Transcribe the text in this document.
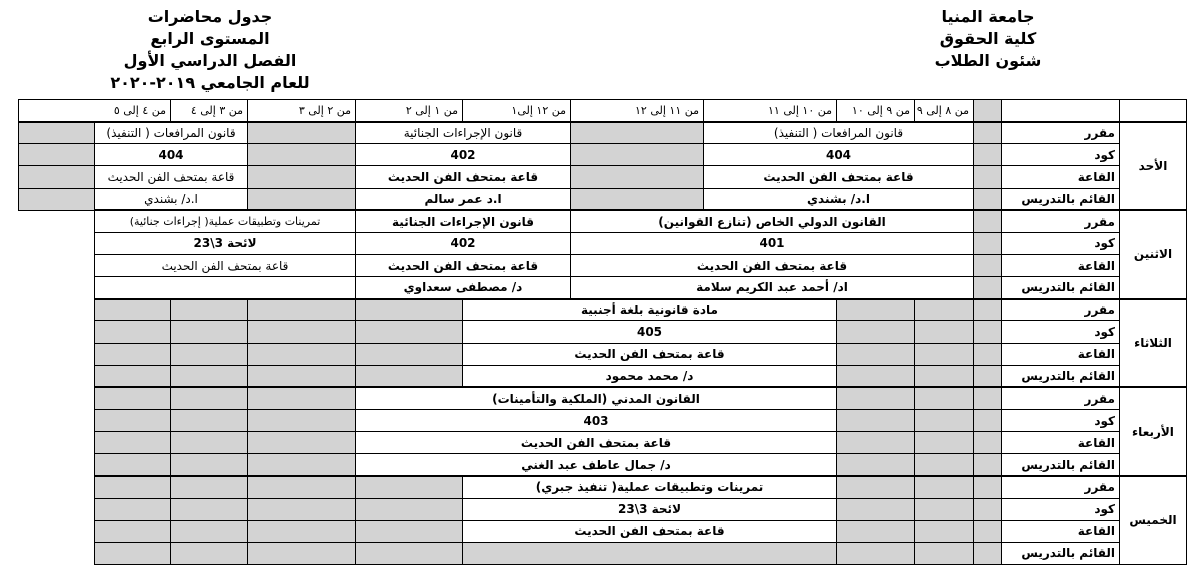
جامعة المنيا
كلية الحقوق
شئون الطلاب
جدول محاضرات
المستوى الرابع
الفصل الدراسي الأول
للعام الجامعي ٢٠١٩-٢٠٢٠
			من ٨ إلى ٩	من ٩ إلى ١٠	من ١٠ إلى ١١	من ١١ إلى ١٢	من ١٢ إلى١	من ١ إلى ٢	من ٢ إلى ٣	من ٣ إلى ٤	من ٤ إلى ٥	
الأحد	مقرر		قانون المرافعات ( التنفيذ)				قانون الإجراءات الجنائية			قانون المرافعات ( التنفيذ)		
	كود		404				402			404		
	القاعة		قاعة بمتحف الفن الحديث				قاعة بمتحف الفن الحديث			قاعة بمتحف الفن الحديث		
	القائم بالتدريس		ا.د/ بشندي				ا.د عمر سالم			ا.د/ بشندي		
الاثنين	مقرر		القانون الدولي الخاص (تنازع القوانين)				قانون الإجراءات الجنائية		تمرينات وتطبيقات عملية( إجراءات جنائية)			
	كود		401				402		لائحة 3\23			
	القاعة		قاعة بمتحف الفن الحديث				قاعة بمتحف الفن الحديث		قاعة بمتحف الفن الحديث			
	القائم بالتدريس		اد/ أحمد عبد الكريم سلامة				د/ مصطفى سعداوي					
الثلاثاء	مقرر				مادة قانونية بلغة أجنبية							
	كود				405							
	القاعة				قاعة بمتحف الفن الحديث							
	القائم بالتدريس				د/ محمد محمود							
الأربعاء	مقرر				القانون المدني (الملكية والتأمينات)							
	كود				403							
	القاعة				قاعة بمتحف الفن الحديث							
	القائم بالتدريس				د/ جمال عاطف عبد الغني							
الخميس	مقرر				تمرينات وتطبيقات عملية( تنفيذ جبري)							
	كود				لائحة 3\23							
	القاعة				قاعة بمتحف الفن الحديث							
	القائم بالتدريس											
